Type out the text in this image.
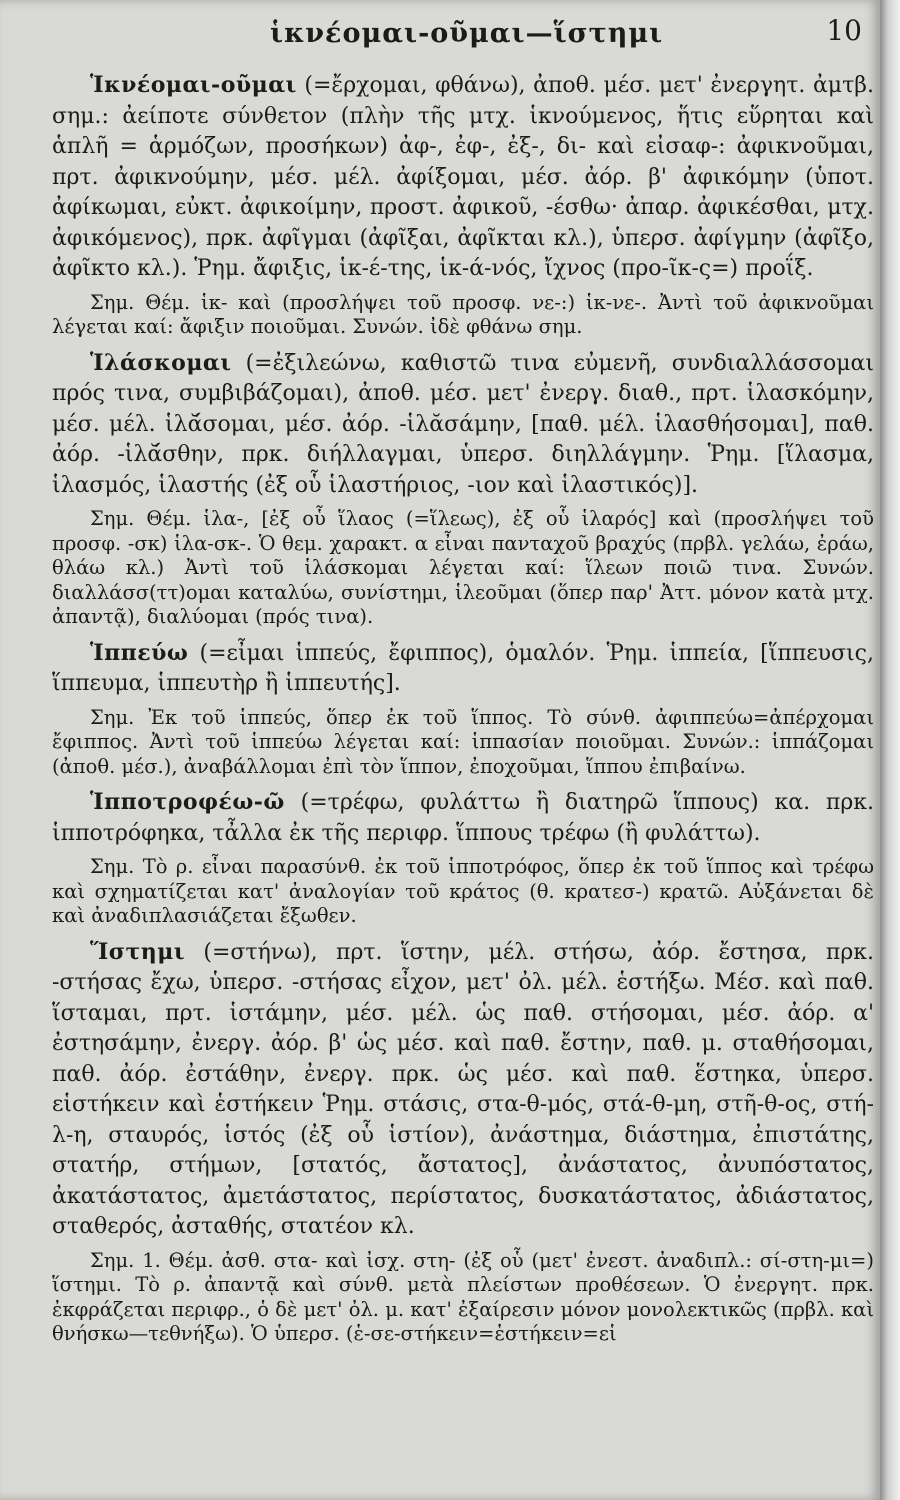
ἱκνέομαι-οῦμαι—ἵστημι	10

Ἱκνέομαι-οῦμαι (=ἔρχομαι, φθάνω), ἀποθ. μέσ. μετ' ἐνεργητ. ἀμτβ. σημ.: ἀείποτε σύνθετον (πλὴν τῆς μτχ. ἱκνούμενος, ἥτις εὕρηται καὶ ἁπλῆ = ἁρμόζων, προσήκων) ἀφ-, ἐφ-, ἐξ-, δι- καὶ εἰσαφ-: ἀφικνοῦμαι, πρτ. ἀφικνούμην, μέσ. μέλ. ἀφίξομαι, μέσ. ἀόρ. β' ἀφικόμην (ὑποτ. ἀφίκωμαι, εὐκτ. ἀφικοίμην, προστ. ἀφικοῦ, -έσθω· ἀπαρ. ἀφικέσθαι, μτχ. ἀφικόμενος), πρκ. ἀφῖγμαι (ἀφῖξαι, ἀφῖκται κλ.), ὑπερσ. ἀφίγμην (ἀφῖξο, ἀφῖκτο κλ.). Ῥημ. ἄφιξις, ἱκ-έ-της, ἱκ-ά-νός, ἴχνος (προ-ῖκ-ς=) προΐξ.

Σημ. Θέμ. ἱκ- καὶ (προσλήψει τοῦ προσφ. νε-:) ἱκ-νε-. Ἀντὶ τοῦ ἀφικνοῦμαι λέγεται καί: ἄφιξιν ποιοῦμαι. Συνών. ἰδὲ φθάνω σημ.

Ἱλάσκομαι (=ἐξιλεώνω, καθιστῶ τινα εὐμενῆ, συνδιαλλάσσομαι πρός τινα, συμβιβάζομαι), ἀποθ. μέσ. μετ' ἐνεργ. διαθ., πρτ. ἱλασκόμην, μέσ. μέλ. ἱλᾰ́σομαι, μέσ. ἀόρ. -ἱλᾰσάμην, [παθ. μέλ. ἱλασθήσομαι], παθ. ἀόρ. -ἱλᾰ́σθην, πρκ. διήλλαγμαι, ὑπερσ. διηλλάγμην. Ῥημ. [ἵλασμα, ἱλασμός, ἱλαστής (ἐξ οὗ ἱλαστήριος, -ιον καὶ ἱλαστικός)].

Σημ. Θέμ. ἱλα-, [ἐξ οὗ ἵλαος (=ἵλεως), ἐξ οὗ ἱλαρός] καὶ (προσλήψει τοῦ προσφ. -σκ) ἱλα-σκ-. Ὁ θεμ. χαρακτ. α εἶναι πανταχοῦ βραχύς (πρβλ. γελάω, ἐράω, θλάω κλ.) Ἀντὶ τοῦ ἱλάσκομαι λέγεται καί: ἵλεων ποιῶ τινα. Συνών. διαλλάσσ(ττ)ομαι καταλύω, συνίστημι, ἱλεοῦμαι (ὅπερ παρ' Ἀττ. μόνον κατὰ μτχ. ἀπαντᾷ), διαλύομαι (πρός τινα).

Ἱππεύω (=εἶμαι ἱππεύς, ἔφιππος), ὁμαλόν. Ῥημ. ἱππεία, [ἵππευσις, ἵππευμα, ἱππευτὴρ ἢ ἱππευτής].

Σημ. Ἐκ τοῦ ἱππεύς, ὅπερ ἐκ τοῦ ἵππος. Τὸ σύνθ. ἀφιππεύω=ἀπέρχομαι ἔφιππος. Ἀντὶ τοῦ ἱππεύω λέγεται καί: ἱππασίαν ποιοῦμαι. Συνών.: ἱππάζομαι (ἀποθ. μέσ.), ἀναβάλλομαι ἐπὶ τὸν ἵππον, ἐποχοῦμαι, ἵππου ἐπιβαίνω.

Ἱπποτροφέω-ῶ (=τρέφω, φυλάττω ἢ διατηρῶ ἵππους) κα. πρκ. ἱπποτρόφηκα, τἆλλα ἐκ τῆς περιφρ. ἵππους τρέφω (ἢ φυλάττω).

Σημ. Τὸ ρ. εἶναι παρασύνθ. ἐκ τοῦ ἱπποτρόφος, ὅπερ ἐκ τοῦ ἵππος καὶ τρέφω καὶ σχηματίζεται κατ' ἀναλογίαν τοῦ κράτος (θ. κρατεσ-) κρατῶ. Αὐξάνεται δὲ καὶ ἀναδιπλασιάζεται ἔξωθεν.

Ἵστημι (=στήνω), πρτ. ἵστην, μέλ. στήσω, ἀόρ. ἔστησα, πρκ. -στήσας ἔχω, ὑπερσ. -στήσας εἶχον, μετ' ὀλ. μέλ. ἑστήξω. Μέσ. καὶ παθ. ἵσταμαι, πρτ. ἱστάμην, μέσ. μέλ. ὡς παθ. στήσομαι, μέσ. ἀόρ. α' ἐστησάμην, ἐνεργ. ἀόρ. β' ὡς μέσ. καὶ παθ. ἔστην, παθ. μ. σταθήσομαι, παθ. ἀόρ. ἐστάθην, ἐνεργ. πρκ. ὡς μέσ. καὶ παθ. ἕστηκα, ὑπερσ. εἱστήκειν καὶ ἑστήκειν Ῥημ. στάσις, στα-θ-μός, στά-θ-μη, στῆ-θ-ος, στή-λ-η, σταυρός, ἱστός (ἐξ οὗ ἱστίον), ἀνάστημα, διάστημα, ἐπιστάτης, στατήρ, στήμων, [στατός, ἄστατος], ἀνάστατος, ἀνυπόστατος, ἀκατάστατος, ἀμετάστατος, περίστατος, δυσκατάστατος, ἀδιάστατος, σταθερός, ἀσταθής, στατέον κλ.

Σημ. 1. Θέμ. ἀσθ. στα- καὶ ἰσχ. στη- (ἐξ οὗ (μετ' ἐνεστ. ἀναδιπλ.: σί-στη-μι=) ἵστημι. Τὸ ρ. ἀπαντᾷ καὶ σύνθ. μετὰ πλείστων προθέσεων. Ὁ ἐνεργητ. πρκ. ἐκφράζεται περιφρ., ὁ δὲ μετ' ὀλ. μ. κατ' ἐξαίρεσιν μόνον μονολεκτικῶς (πρβλ. καὶ θνήσκω—τεθνήξω). Ὁ ὑπερσ. (ἑ-σε-στήκειν=ἑστήκειν=εἱ
